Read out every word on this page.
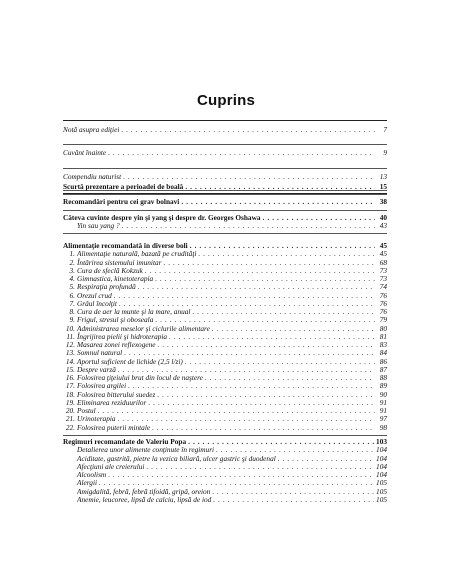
Cuprins
Notă asupra ediţiei . . .	7
Cuvânt înainte . . .	9
Compendiu naturist . . .	13
Scurtă prezentare a perioadei de boală . . .	15
Recomandări pentru cei grav bolnavi . . .	38
Câteva cuvinte despre yin şi yang şi despre dr. Georges Oshawa . . .	40
Yin sau yang ? . . .	43
Alimentaţie recomandată în diverse boli . . .	45
1. Alimentaţie naturală, bazată pe crudităţi . . .	45
2. Întărirea sistemului imunitar . . .	68
3. Cura de sfeclă Kokzuk . . .	73
4. Gimnastica, kinetoterapia . . .	73
5. Respiraţia profundă . . .	74
6. Orezul crud . . .	76
7. Grâul încolţit . . .	76
8. Cura de aer la munte şi la mare, anual . . .	76
9. Frigul, stresul şi oboseala . . .	79
10. Administrarea meselor şi ciclurile alimentare . . .	80
11. Îngrijirea pielii şi hidroterapia . . .	81
12. Masarea zonei reflexogene . . .	83
13. Somnul natural . . .	84
14. Aportul suficient de lichide (2,5 l/zi) . . .	86
15. Despre varză . . .	87
16. Folosirea ţiţeiului brut din locul de naştere . . .	88
17. Folosirea argilei . . .	89
18. Folosirea bitterului suedez . . .	90
19. Eliminarea reziduurilor . . .	91
20. Postul . . .	91
21. Urinoterapia . . .	97
22. Folosirea puterii mintale . . .	98
Regimuri recomandate de Valeriu Popa . . .	103
Detalierea unor alimente conţinute în regimuri . . .	104
Aciditate, gastrită, pietre la vezica biliară, ulcer gastric şi duodenal . . .	104
Afecţiuni ale creierului . . .	104
Alcoolism . . .	104
Alergii . . .	105
Amigdalită, febră, febră tifoidă, gripă, oreion . . .	105
Anemie, leucoree, lipsă de calciu, lipsă de iod . . .	105
